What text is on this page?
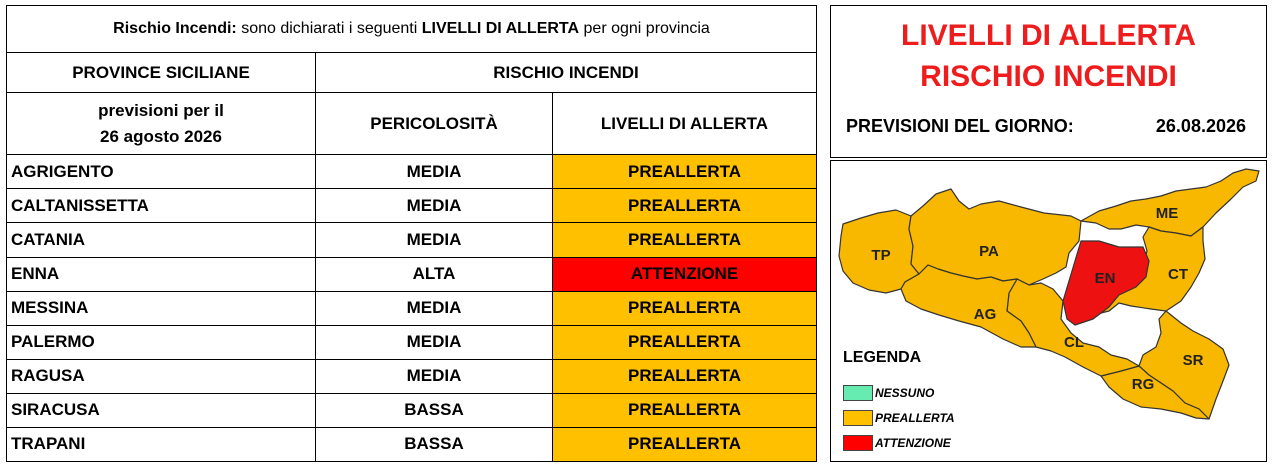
Rischio Incendi: sono dichiarati i seguenti LIVELLI DI ALLERTA per ogni provincia		
PROVINCE SICILIANE	RISCHIO INCENDI	
previsioni per il
26 agosto 2026	PERICOLOSITÀ	LIVELLI DI ALLERTA
AGRIGENTO	MEDIA	PREALLERTA
CALTANISSETTA	MEDIA	PREALLERTA
CATANIA	MEDIA	PREALLERTA
ENNA	ALTA	ATTENZIONE
MESSINA	MEDIA	PREALLERTA
PALERMO	MEDIA	PREALLERTA
RAGUSA	MEDIA	PREALLERTA
SIRACUSA	BASSA	PREALLERTA
TRAPANI	BASSA	PREALLERTA
LIVELLI DI ALLERTA
RISCHIO INCENDI
PREVISIONI DEL GIORNO:	26.08.2026
TP	PA
ME
EN	CT
AG
CL
RG
SR
LEGENDA
NESSUNO
PREALLERTA
ATTENZIONE
